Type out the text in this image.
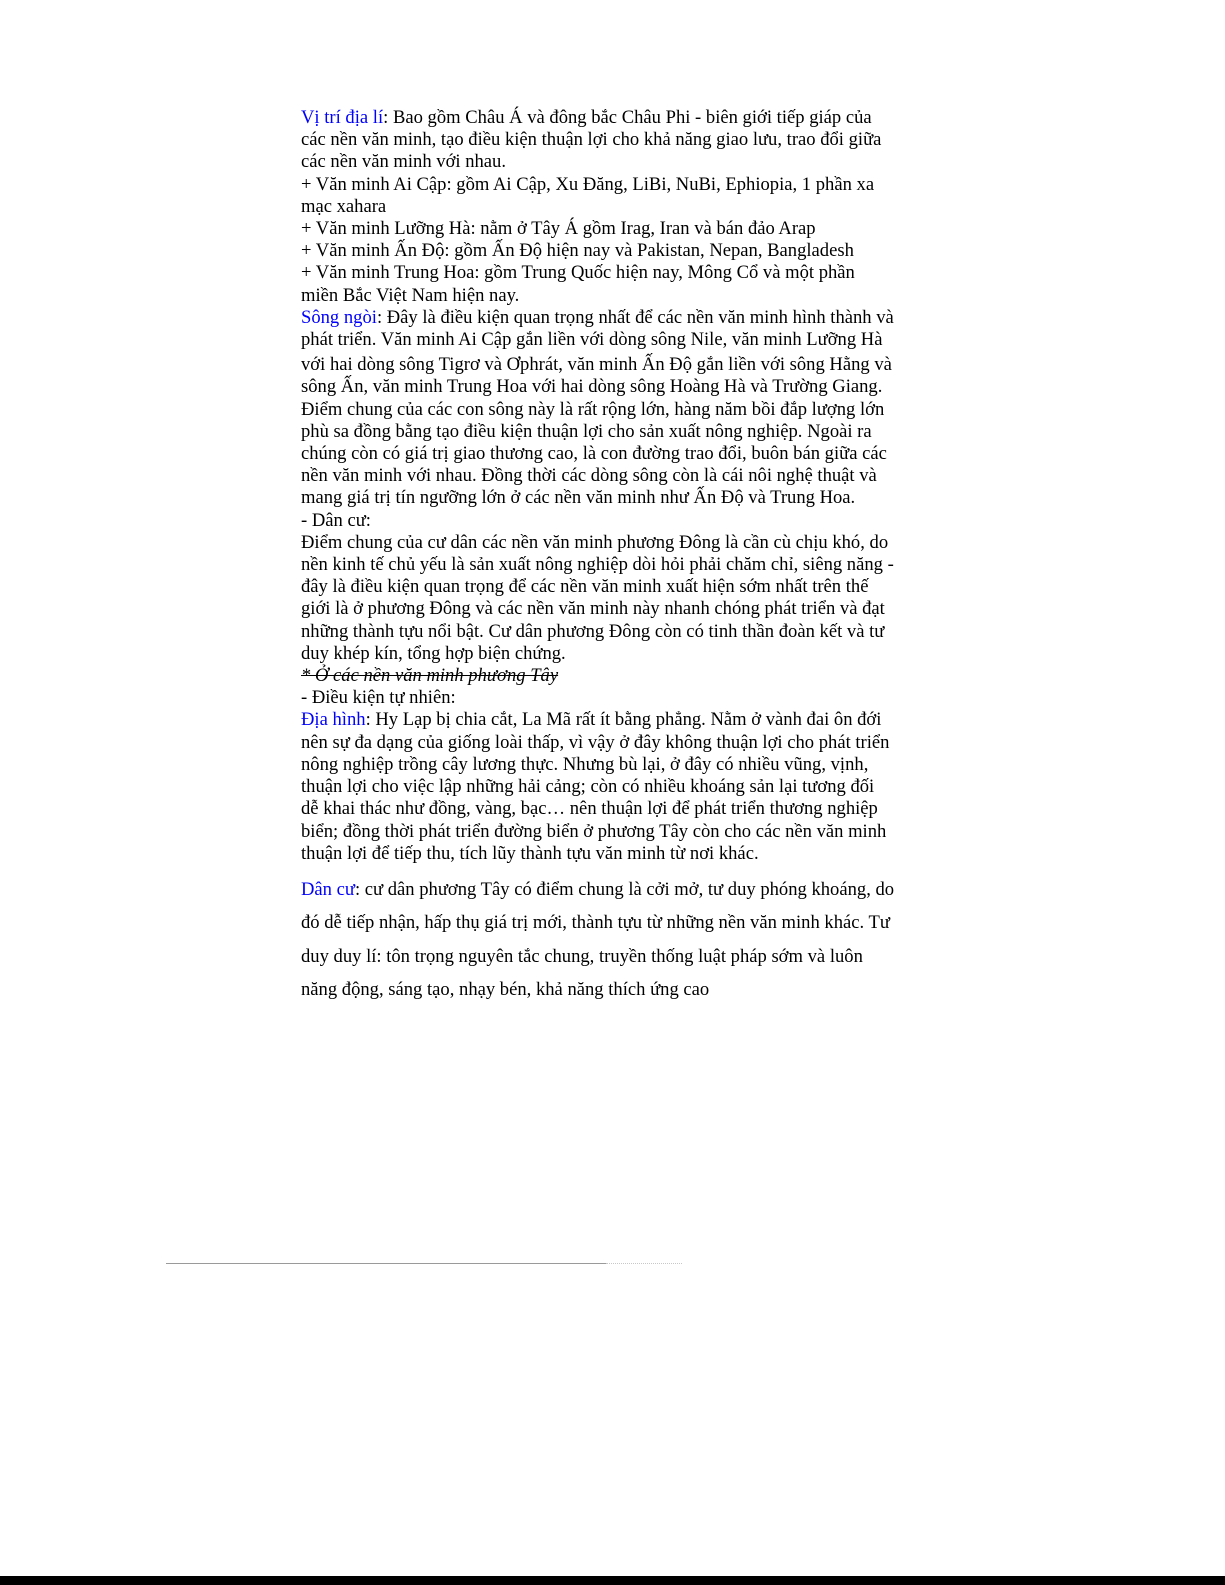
Vị trí địa lí: Bao gồm Châu Á và đông bắc Châu Phi - biên giới tiếp giáp của
các nền văn minh, tạo điều kiện thuận lợi cho khả năng giao lưu, trao đổi giữa
các nền văn minh với nhau.
+ Văn minh Ai Cập: gồm Ai Cập, Xu Đăng, LiBi, NuBi, Ephiopia, 1 phần xa
mạc xahara
+ Văn minh Lưỡng Hà: nằm ở Tây Á gồm Irag, Iran và bán đảo Arap
+ Văn minh Ấn Độ: gồm Ấn Độ hiện nay và Pakistan, Nepan, Bangladesh
+ Văn minh Trung Hoa: gồm Trung Quốc hiện nay, Mông Cổ và một phần
miền Bắc Việt Nam hiện nay.
Sông ngòi: Đây là điều kiện quan trọng nhất để các nền văn minh hình thành và
phát triển. Văn minh Ai Cập gắn liền với dòng sông Nile, văn minh Lưỡng Hà
với hai dòng sông Tigrơ và Ơphrát, văn minh Ấn Độ gắn liền với sông Hằng và
sông Ấn, văn minh Trung Hoa với hai dòng sông Hoàng Hà và Trường Giang.
Điểm chung của các con sông này là rất rộng lớn, hàng năm bồi đắp lượng lớn
phù sa đồng bằng tạo điều kiện thuận lợi cho sản xuất nông nghiệp. Ngoài ra
chúng còn có giá trị giao thương cao, là con đường trao đổi, buôn bán giữa các
nền văn minh với nhau. Đồng thời các dòng sông còn là cái nôi nghệ thuật và
mang giá trị tín ngưỡng lớn ở các nền văn minh như Ấn Độ và Trung Hoa.
- Dân cư:
Điểm chung của cư dân các nền văn minh phương Đông là cần cù chịu khó, do
nền kinh tế chủ yếu là sản xuất nông nghiệp dòi hỏi phải chăm chỉ, siêng năng -
đây là điều kiện quan trọng để các nền văn minh xuất hiện sớm nhất trên thế
giới là ở phương Đông và các nền văn minh này nhanh chóng phát triển và đạt
những thành tựu nổi bật. Cư dân phương Đông còn có tinh thần đoàn kết và tư
duy khép kín, tổng hợp biện chứng.
* Ở các nền văn minh phương Tây
- Điều kiện tự nhiên:
Địa hình: Hy Lạp bị chia cắt, La Mã rất ít bằng phẳng. Nằm ở vành đai ôn đới
nên sự đa dạng của giống loài thấp, vì vậy ở đây không thuận lợi cho phát triển
nông nghiệp trồng cây lương thực. Nhưng bù lại, ở đây có nhiều vũng, vịnh,
thuận lợi cho việc lập những hải cảng; còn có nhiều khoáng sản lại tương đối
dễ khai thác như đồng, vàng, bạc… nên thuận lợi để phát triển thương nghiệp
biển; đồng thời phát triển đường biển ở phương Tây còn cho các nền văn minh
thuận lợi để tiếp thu, tích lũy thành tựu văn minh từ nơi khác.
Dân cư: cư dân phương Tây có điểm chung là cởi mở, tư duy phóng khoáng, do
đó dễ tiếp nhận, hấp thụ giá trị mới, thành tựu từ những nền văn minh khác. Tư
duy duy lí: tôn trọng nguyên tắc chung, truyền thống luật pháp sớm và luôn
năng động, sáng tạo, nhạy bén, khả năng thích ứng cao
